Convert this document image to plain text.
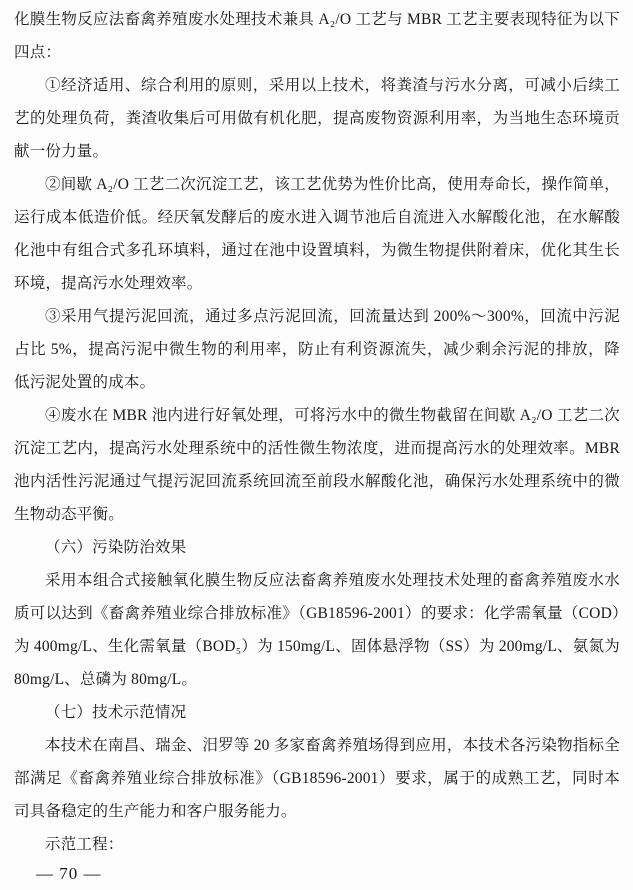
化膜生物反应法畜禽养殖废水处理技术兼具 A₂/O 工艺与 MBR 工艺主要表现特征为以下四点：

①经济适用、综合利用的原则，采用以上技术，将粪渣与污水分离，可减小后续工艺的处理负荷，粪渣收集后可用做有机化肥，提高废物资源利用率，为当地生态环境贡献一份力量。

②间歇 A₂/O 工艺二次沉淀工艺，该工艺优势为性价比高，使用寿命长，操作简单，运行成本低造价低。经厌氧发酵后的废水进入调节池后自流进入水解酸化池，在水解酸化池中有组合式多孔环填料，通过在池中设置填料，为微生物提供附着床，优化其生长环境，提高污水处理效率。

③采用气提污泥回流，通过多点污泥回流，回流量达到 200%～300%，回流中污泥占比 5%，提高污泥中微生物的利用率，防止有利资源流失，减少剩余污泥的排放，降低污泥处置的成本。

④废水在 MBR 池内进行好氧处理，可将污水中的微生物截留在间歇 A₂/O 工艺二次沉淀工艺内，提高污水处理系统中的活性微生物浓度，进而提高污水的处理效率。MBR 池内活性污泥通过气提污泥回流系统回流至前段水解酸化池，确保污水处理系统中的微生物动态平衡。

（六）污染防治效果

采用本组合式接触氧化膜生物反应法畜禽养殖废水处理技术处理的畜禽养殖废水水质可以达到《畜禽养殖业综合排放标准》（GB18596-2001）的要求：化学需氧量（COD）为 400mg/L、生化需氧量（BOD₅）为 150mg/L、固体悬浮物（SS）为 200mg/L、氨氮为 80mg/L、总磷为 80mg/L。

（七）技术示范情况

本技术在南昌、瑞金、汨罗等 20 多家畜禽养殖场得到应用，本技术各污染物指标全部满足《畜禽养殖业综合排放标准》（GB18596-2001）要求，属于的成熟工艺，同时本司具备稳定的生产能力和客户服务能力。

示范工程：

— 70 —
